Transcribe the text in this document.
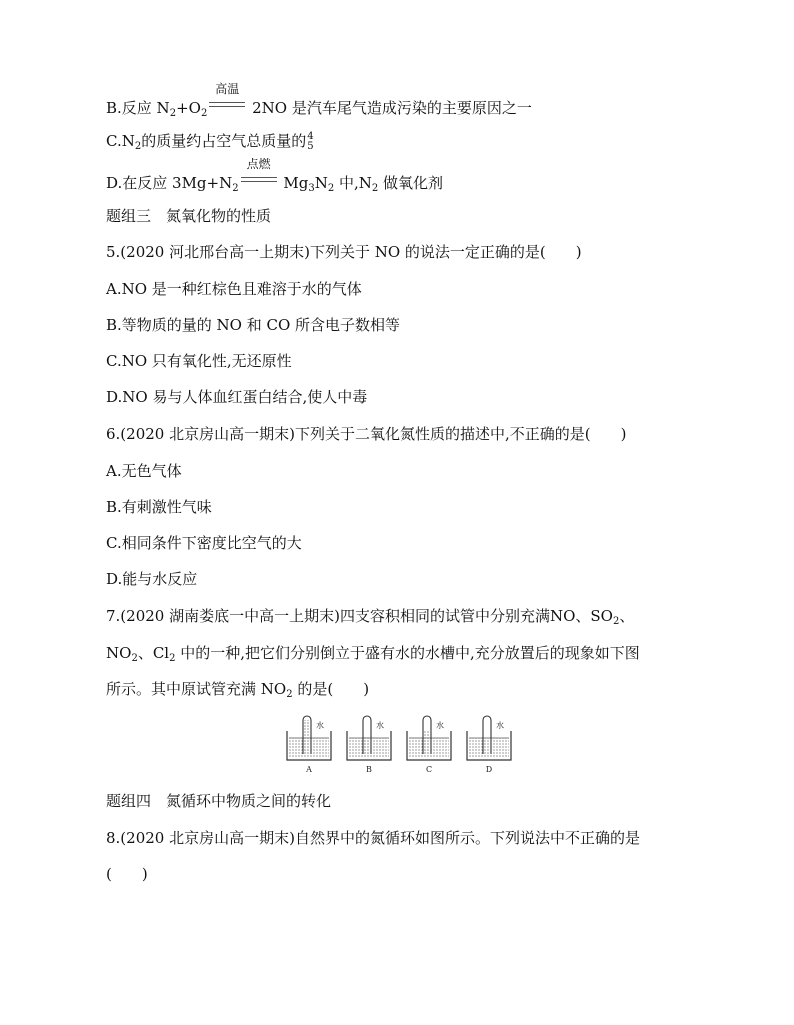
B.反应 $N_2+O_2$
高温
2NO 是汽车尾气造成污染的主要原因之一
$C.N_2$的质量约占空气总质量的 4
5
D.在反应 $3Mg+N_2$
点燃
$Mg_3N_2$ 中$,N_2$ 做氧化剂
题组三　氮氧化物的性质
5.(2020 河北邢台高一上期末)下列关于 NO 的说法一定正确的是( )
A.NO 是一种红棕色且难溶于水的气体
B.等物质的量的 NO 和 CO 所含电子数相等
C.NO 只有氧化性,无还原性
D.NO 易与人体血红蛋白结合,使人中毒
6.(2020 北京房山高一期末)下列关于二氧化氮性质的描述中,不正确的是( )
A.无色气体
B.有刺激性气味
C.相同条件下密度比空气的大
D.能与水反应
7.(2020 湖南娄底一中高一上期末)四支容积相同的试管中分别充满NO、$SO_2$、
$NO_2$、$Cl_2$ 中的一种,把它们分别倒立于盛有水的水槽中,充分放置后的现象如下图
所示。其中原试管充满 $NO_2$ 的是( )
水
A
水
B
水
C
水
D
题组四　氮循环中物质之间的转化
8.(2020 北京房山高一期末)自然界中的氮循环如图所示。下列说法中不正确的是
( )
